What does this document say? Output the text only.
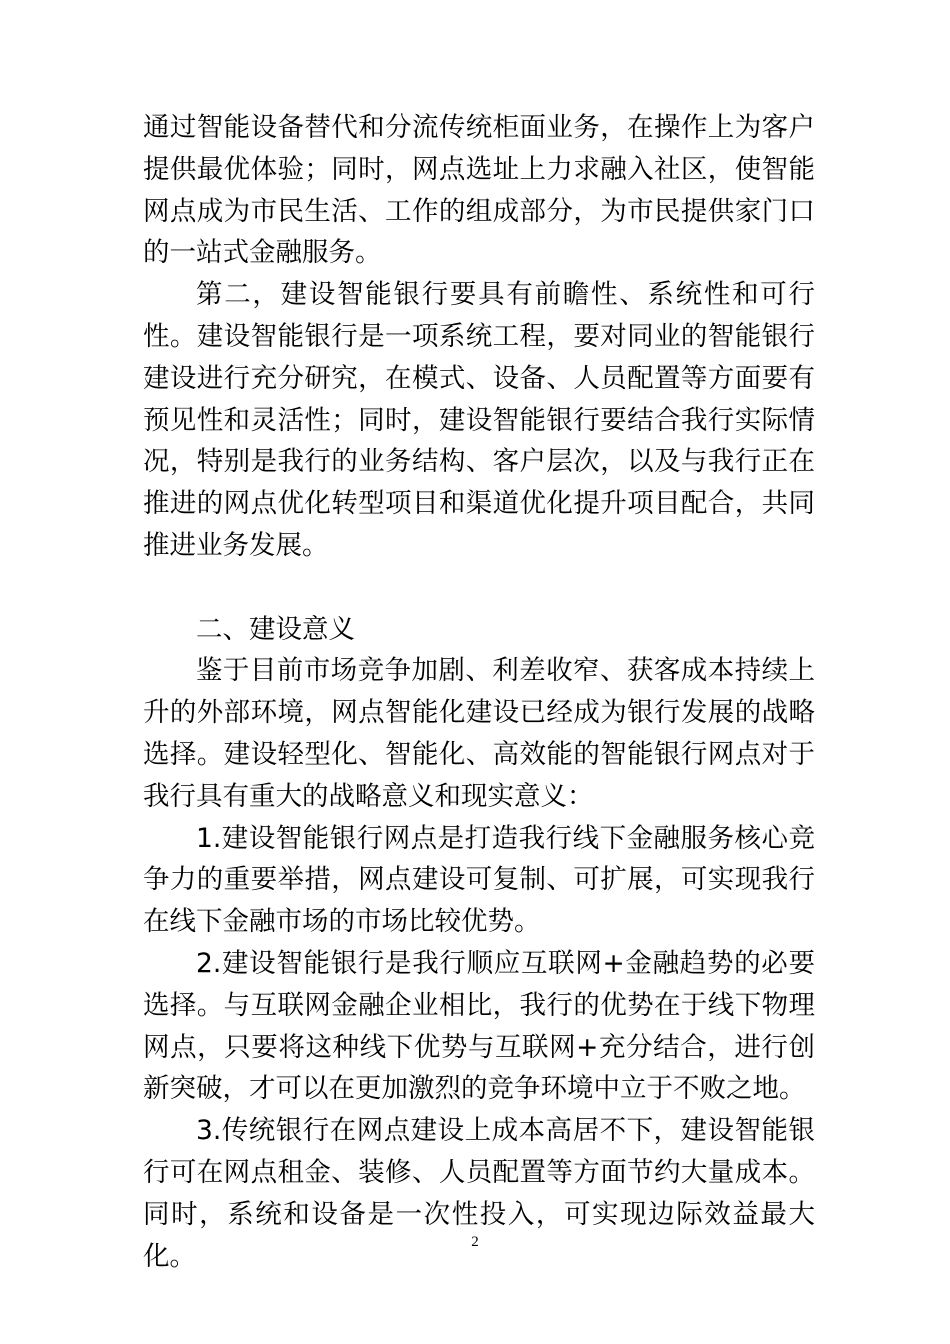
通过智能设备替代和分流传统柜面业务，在操作上为客户提供最优体验；同时，网点选址上力求融入社区，使智能网点成为市民生活、工作的组成部分，为市民提供家门口的一站式金融服务。

第二，建设智能银行要具有前瞻性、系统性和可行性。建设智能银行是一项系统工程，要对同业的智能银行建设进行充分研究，在模式、设备、人员配置等方面要有预见性和灵活性；同时，建设智能银行要结合我行实际情况，特别是我行的业务结构、客户层次，以及与我行正在推进的网点优化转型项目和渠道优化提升项目配合，共同推进业务发展。

二、建设意义

鉴于目前市场竞争加剧、利差收窄、获客成本持续上升的外部环境，网点智能化建设已经成为银行发展的战略选择。建设轻型化、智能化、高效能的智能银行网点对于我行具有重大的战略意义和现实意义：

1.建设智能银行网点是打造我行线下金融服务核心竞争力的重要举措，网点建设可复制、可扩展，可实现我行在线下金融市场的市场比较优势。

2.建设智能银行是我行顺应互联网+金融趋势的必要选择。与互联网金融企业相比，我行的优势在于线下物理网点，只要将这种线下优势与互联网+充分结合，进行创新突破，才可以在更加激烈的竞争环境中立于不败之地。

3.传统银行在网点建设上成本高居不下，建设智能银行可在网点租金、装修、人员配置等方面节约大量成本。同时，系统和设备是一次性投入，可实现边际效益最大化。	2
